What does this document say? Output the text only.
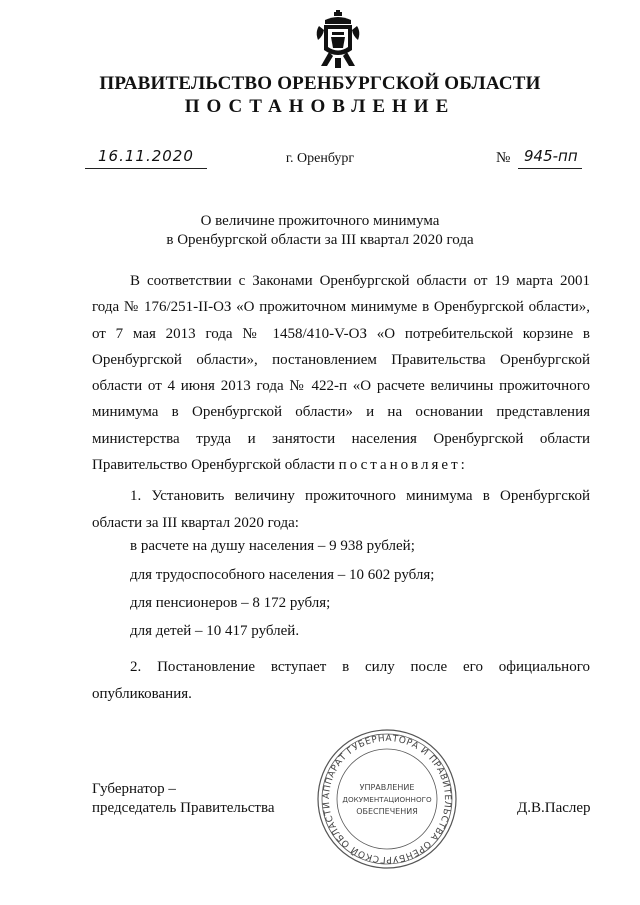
ПРАВИТЕЛЬСТВО ОРЕНБУРГСКОЙ ОБЛАСТИ
ПОСТАНОВЛЕНИЕ
16.11.2020	г. Оренбург	№ 945-пп
О величине прожиточного минимума
в Оренбургской области за III квартал 2020 года
В соответствии с Законами Оренбургской области от 19 марта 2001 года № 176/251-II-ОЗ «О прожиточном минимуме в Оренбургской области», от 7 мая 2013 года № 1458/410-V-ОЗ «О потребительской корзине в Оренбургской области», постановлением Правительства Оренбургской области от 4 июня 2013 года № 422-п «О расчете величины прожиточного минимума в Оренбургской области» и на основании представления министерства труда и занятости населения Оренбургской области Правительство Оренбургской области постановляет:
1. Установить величину прожиточного минимума в Оренбургской области за III квартал 2020 года:
в расчете на душу населения – 9 938 рублей;
для трудоспособного населения – 10 602 рубля;
для пенсионеров – 8 172 рубля;
для детей – 10 417 рублей.
2. Постановление вступает в силу после его официального опубликования.
Губернатор –
председатель Правительства	Д.В.Паслер
АППАРАТ ГУБЕРНАТОРА И ПРАВИТЕЛЬСТВА ОРЕНБУРГСКОЙ ОБЛАСТИ
УПРАВЛЕНИЕ
ДОКУМЕНТАЦИОННОГО
ОБЕСПЕЧЕНИЯ
